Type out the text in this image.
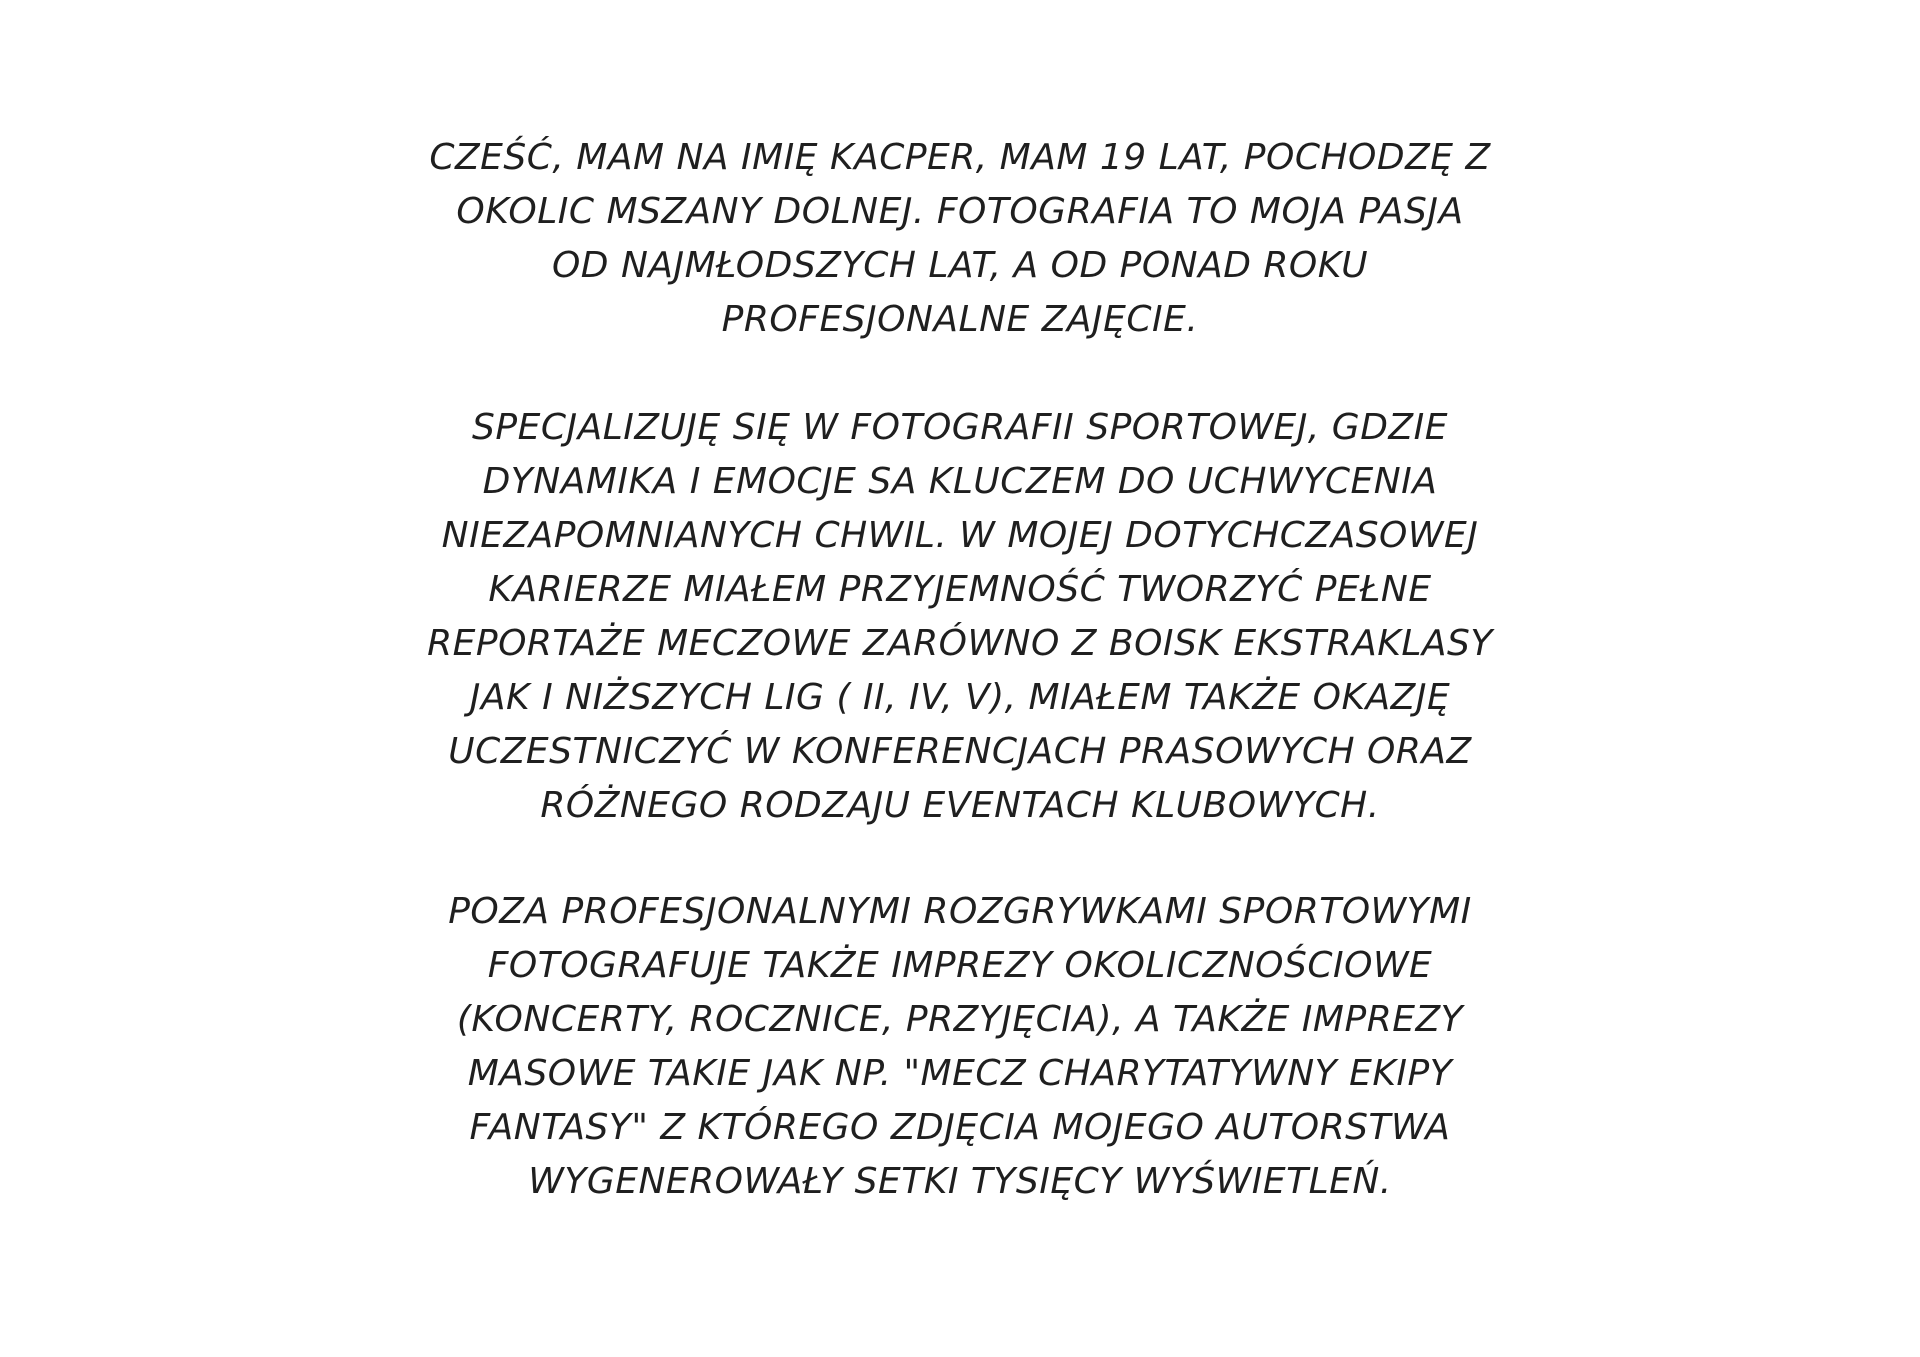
CZEŚĆ, MAM NA IMIĘ KACPER, MAM 19 LAT, POCHODZĘ Z
OKOLIC MSZANY DOLNEJ. FOTOGRAFIA TO MOJA PASJA
OD NAJMŁODSZYCH LAT, A OD PONAD ROKU
PROFESJONALNE ZAJĘCIE.
SPECJALIZUJĘ SIĘ W FOTOGRAFII SPORTOWEJ, GDZIE
DYNAMIKA I EMOCJE SA KLUCZEM DO UCHWYCENIA
NIEZAPOMNIANYCH CHWIL. W MOJEJ DOTYCHCZASOWEJ
KARIERZE MIAŁEM PRZYJEMNOŚĆ TWORZYĆ PEŁNE
REPORTAŻE MECZOWE ZARÓWNO Z BOISK EKSTRAKLASY
JAK I NIŻSZYCH LIG ( II, IV, V), MIAŁEM TAKŻE OKAZJĘ
UCZESTNICZYĆ W KONFERENCJACH PRASOWYCH ORAZ
RÓŻNEGO RODZAJU EVENTACH KLUBOWYCH.
POZA PROFESJONALNYMI ROZGRYWKAMI SPORTOWYMI
FOTOGRAFUJE TAKŻE IMPREZY OKOLICZNOŚCIOWE
(KONCERTY, ROCZNICE, PRZYJĘCIA), A TAKŻE IMPREZY
MASOWE TAKIE JAK NP. "MECZ CHARYTATYWNY EKIPY
FANTASY" Z KTÓREGO ZDJĘCIA MOJEGO AUTORSTWA
WYGENEROWAŁY SETKI TYSIĘCY WYŚWIETLEŃ.
